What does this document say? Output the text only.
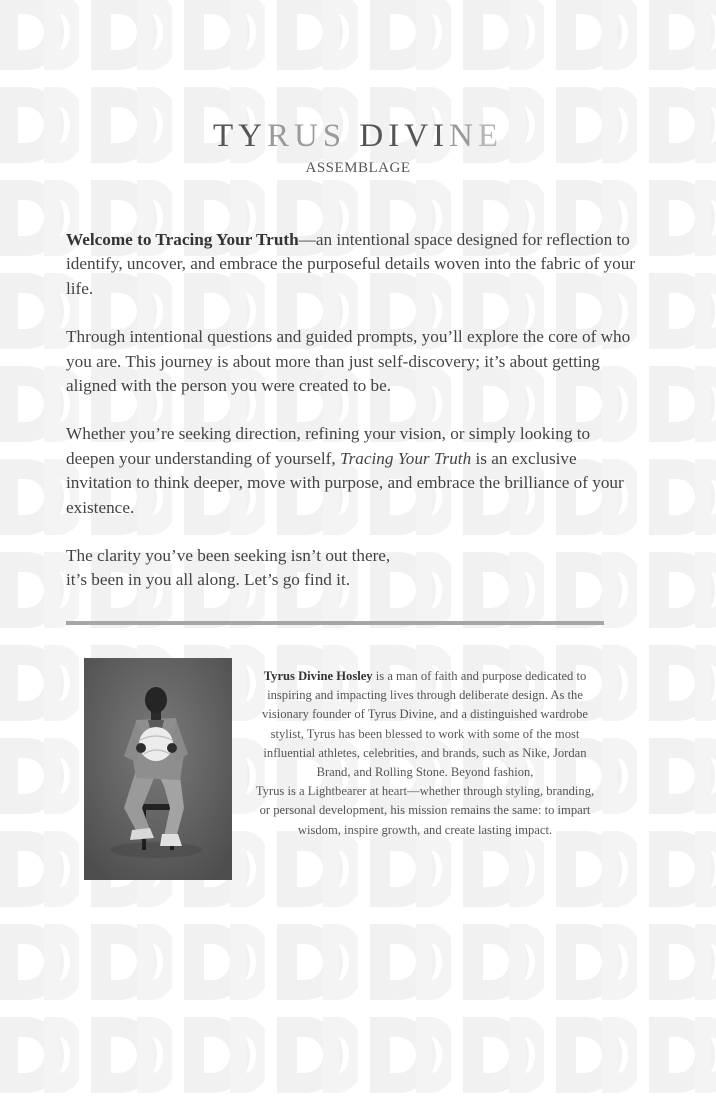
TYRUS DIVINE
ASSEMBLAGE

Welcome to Tracing Your Truth—an intentional space designed for reflection to identify, uncover, and embrace the purposeful details woven into the fabric of your life.

Through intentional questions and guided prompts, you’ll explore the core of who you are. This journey is about more than just self-discovery; it’s about getting aligned with the person you were created to be.

Whether you’re seeking direction, refining your vision, or simply looking to deepen your understanding of yourself, Tracing Your Truth is an exclusive invitation to think deeper, move with purpose, and embrace the brilliance of your existence.

The clarity you’ve been seeking isn’t out there,
it’s been in you all along. Let’s go find it.

Tyrus Divine Hosley is a man of faith and purpose dedicated to inspiring and impacting lives through deliberate design. As the visionary founder of Tyrus Divine, and a distinguished wardrobe stylist, Tyrus has been blessed to work with some of the most influential athletes, celebrities, and brands, such as Nike, Jordan Brand, and Rolling Stone. Beyond fashion,

Tyrus is a Lightbearer at heart—whether through styling, branding, or personal development, his mission remains the same: to impart wisdom, inspire growth, and create lasting impact.
